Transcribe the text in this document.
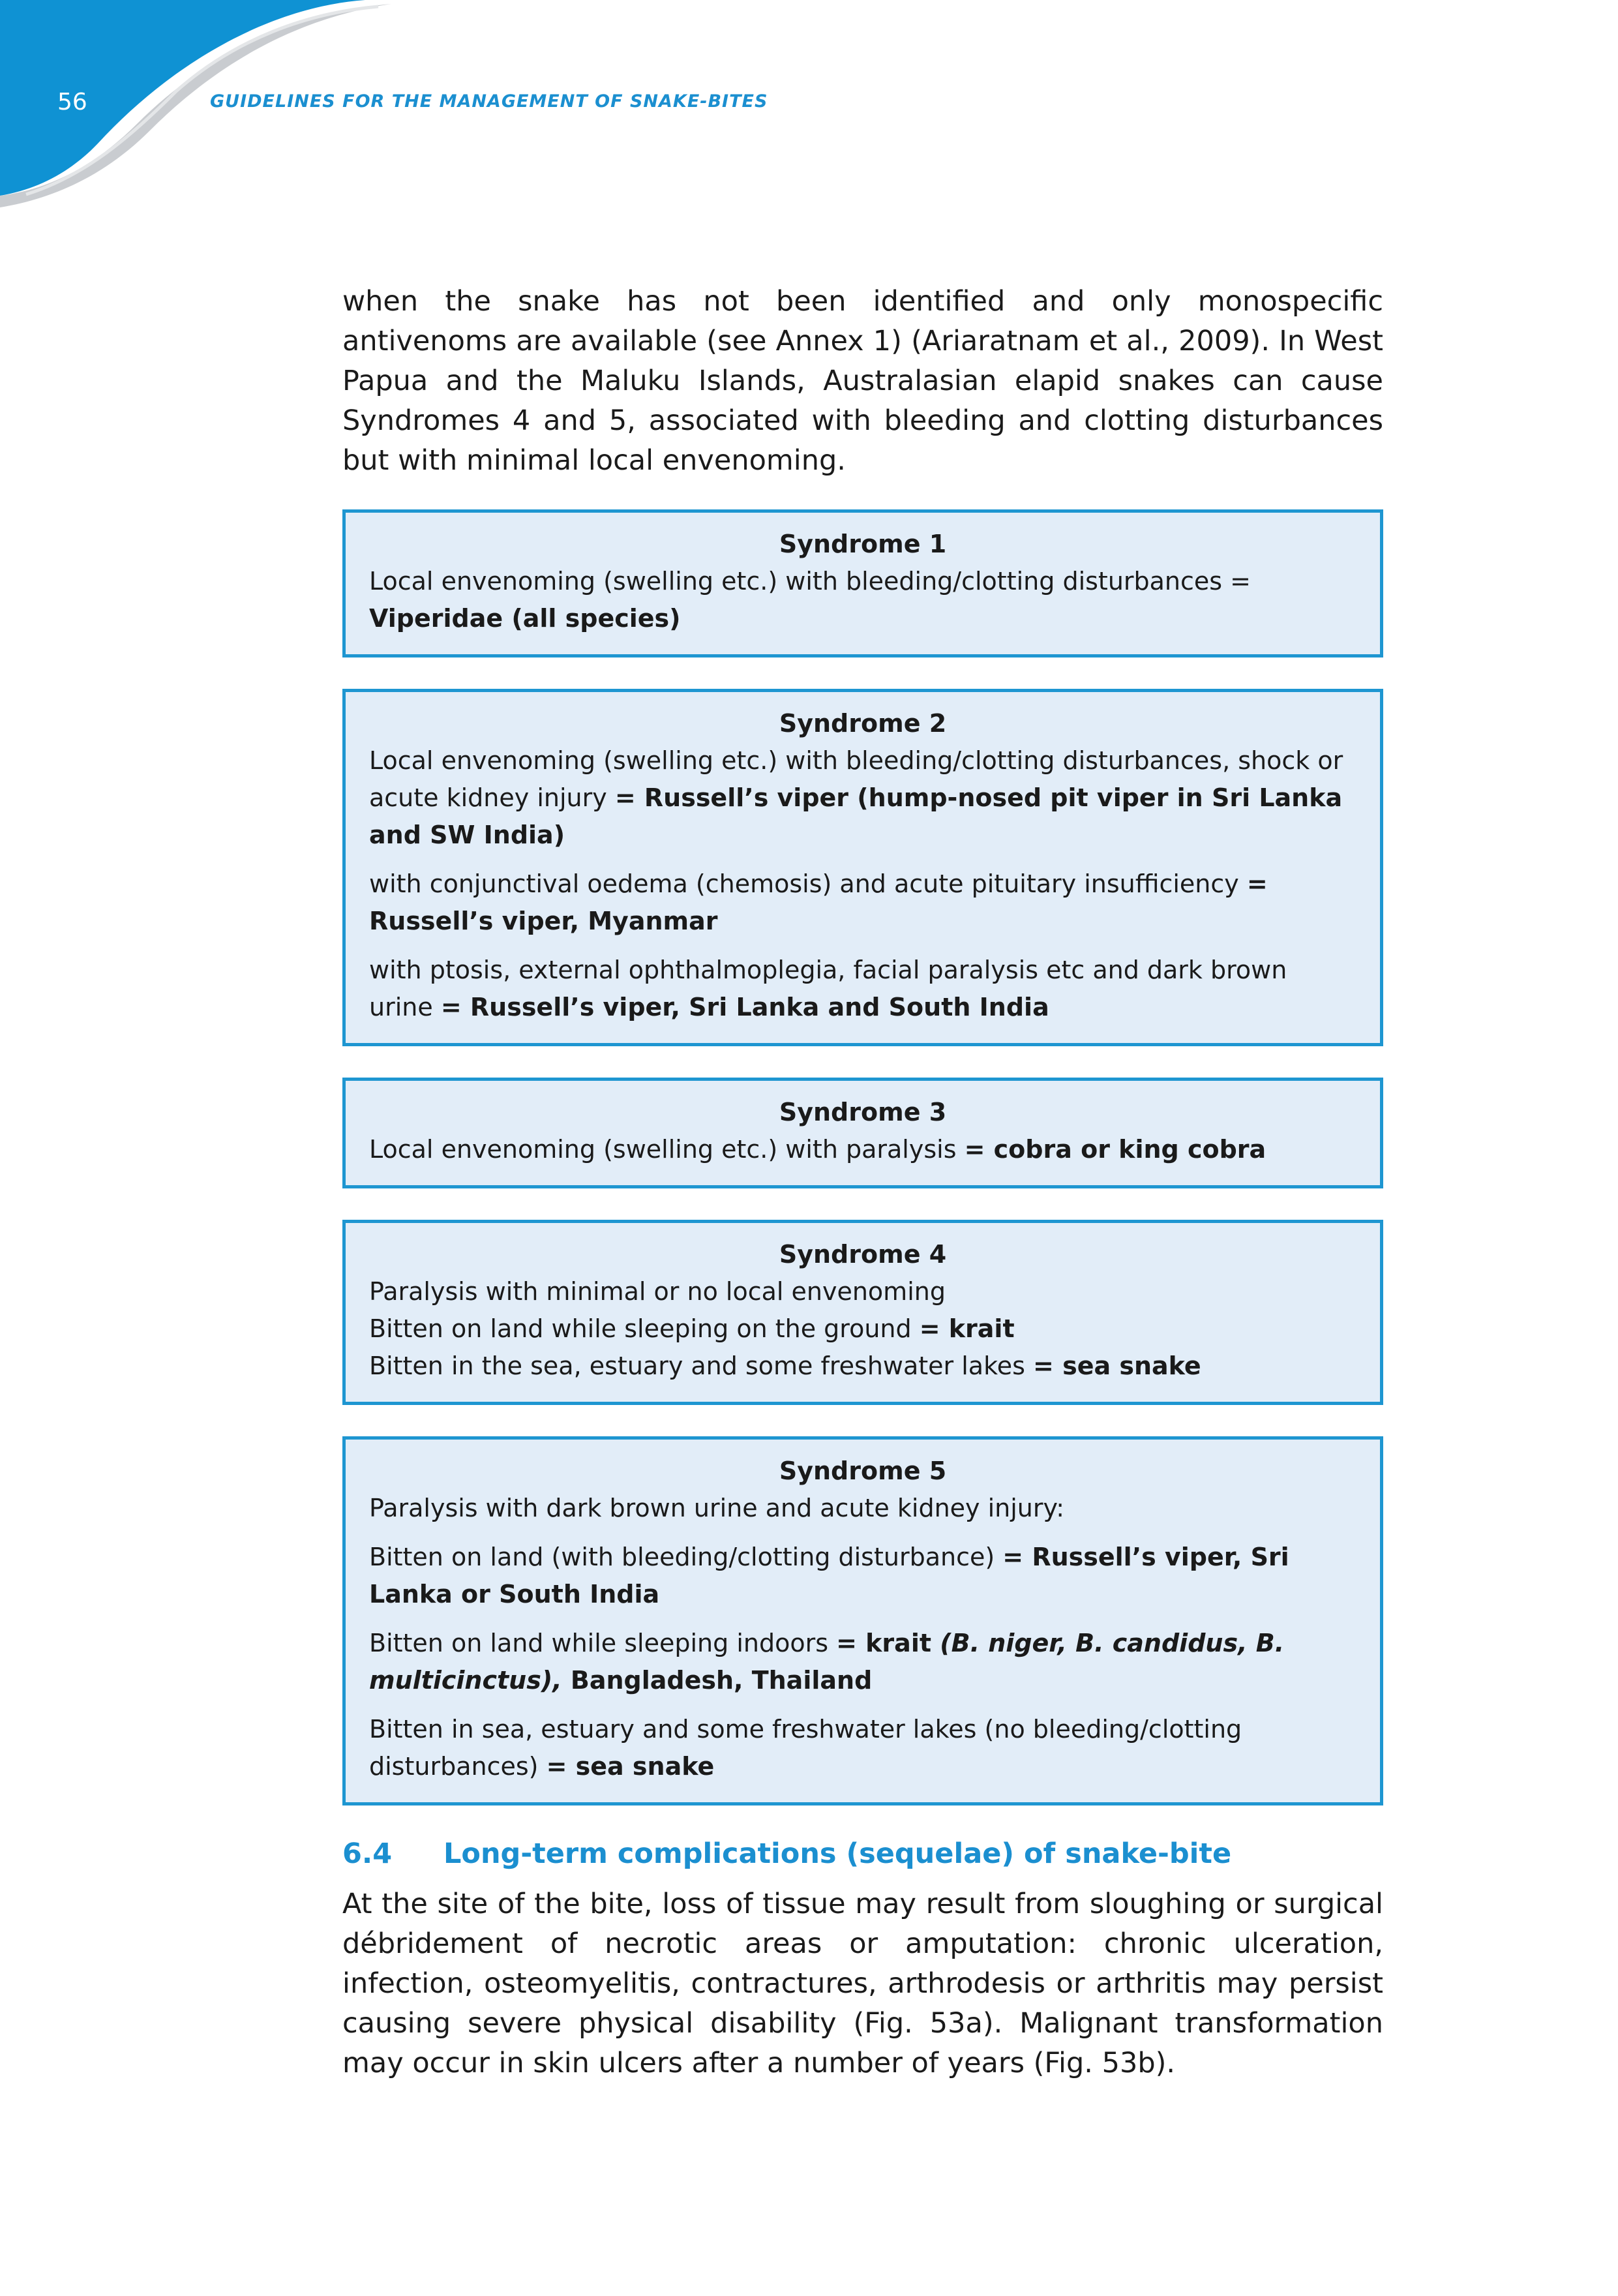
56	GUIDELINES FOR THE MANAGEMENT OF SNAKE-BITES

when the snake has not been identified and only monospecific antivenoms are available (see Annex 1) (Ariaratnam et al., 2009). In West Papua and the Maluku Islands, Australasian elapid snakes can cause Syndromes 4 and 5, associated with bleeding and clotting disturbances but with minimal local envenoming.

Syndrome 1
Local envenoming (swelling etc.) with bleeding/clotting disturbances =
Viperidae (all species)
Syndrome 2
Local envenoming (swelling etc.) with bleeding/clotting disturbances, shock or acute kidney injury = Russell’s viper (hump-nosed pit viper in Sri Lanka and SW India)
with conjunctival oedema (chemosis) and acute pituitary insufficiency = Russell’s viper, Myanmar
with ptosis, external ophthalmoplegia, facial paralysis etc and dark brown urine = Russell’s viper, Sri Lanka and South India
Syndrome 3
Local envenoming (swelling etc.) with paralysis = cobra or king cobra
Syndrome 4
Paralysis with minimal or no local envenoming
Bitten on land while sleeping on the ground = krait
Bitten in the sea, estuary and some freshwater lakes = sea snake
Syndrome 5
Paralysis with dark brown urine and acute kidney injury:
Bitten on land (with bleeding/clotting disturbance) = Russell’s viper, Sri Lanka or South India
Bitten on land while sleeping indoors = krait (B. niger, B. candidus, B. multicinctus), Bangladesh, Thailand
Bitten in sea, estuary and some freshwater lakes (no bleeding/clotting disturbances) = sea snake

6.4 Long-term complications (sequelae) of snake-bite

At the site of the bite, loss of tissue may result from sloughing or surgical débridement of necrotic areas or amputation: chronic ulceration, infection, osteomyelitis, contractures, arthrodesis or arthritis may persist causing severe physical disability (Fig. 53a). Malignant transformation may occur in skin ulcers after a number of years (Fig. 53b).
